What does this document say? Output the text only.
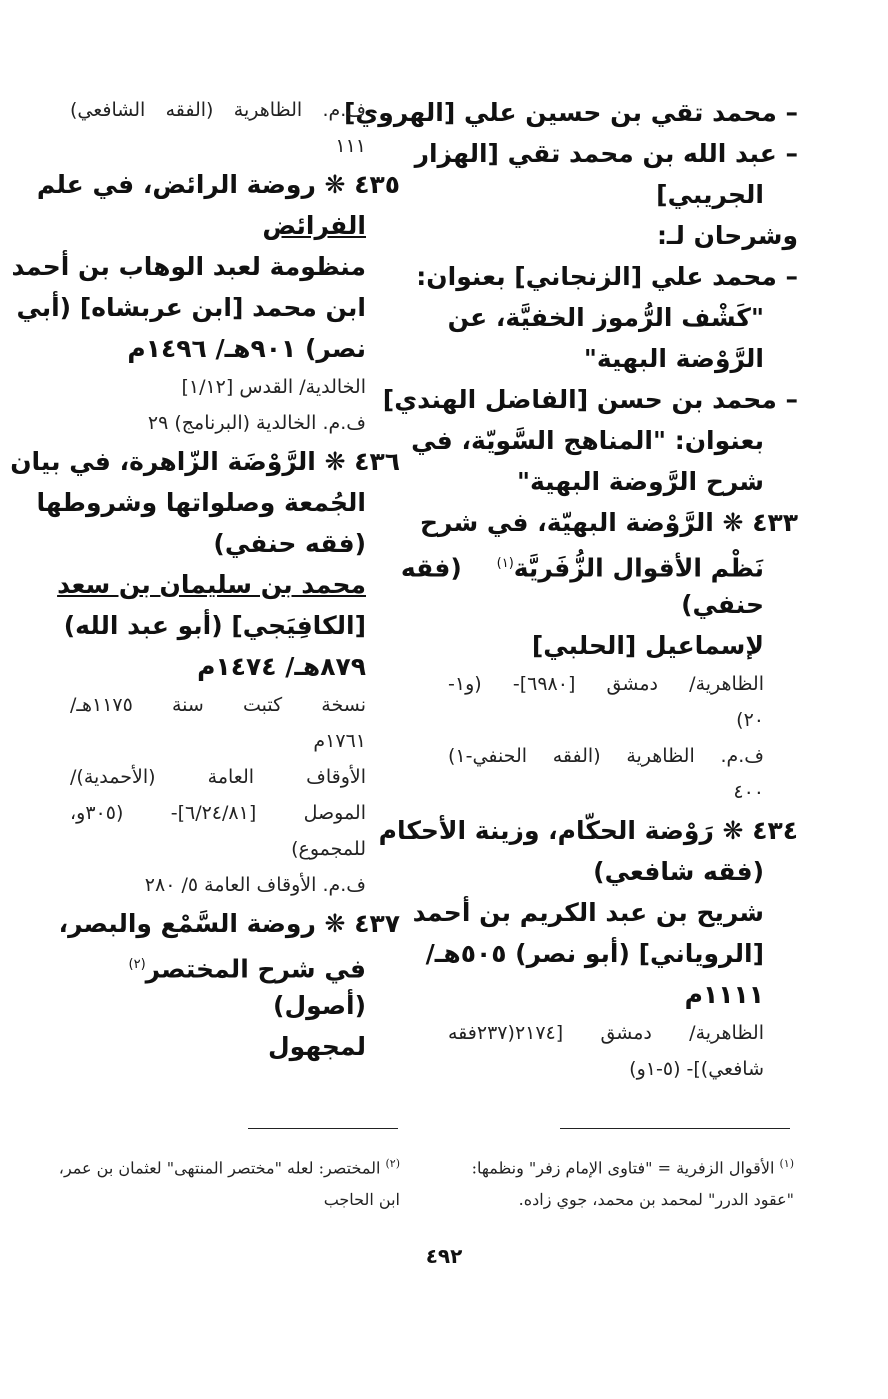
– محمد تقي بن حسين علي [الهروي]
– عبد الله بن محمد تقي [الهزار
الجريبي]
وشرحان لـ:
– محمد علي [الزنجاني] بعنوان:
"كَشْف الرُّموز الخفيَّة، عن
الرَّوْضة البهية"
– محمد بن حسن [الفاضل الهندي]
بعنوان: "المناهج السَّويّة، في
شرح الرَّوضة البهية"
٤٣٣ ❋ الرَّوْضة البهيّة، في شرح
نَظْم الأقوال الزُّفَريَّة$^{(١)}$    (فقه
حنفي)
لإسماعيل [الحلبي]
الظاهرية/ دمشق [٦٩٨٠]- (و١-
٢٠)
ف.م. الظاهرية (الفقه الحنفي-١)
٤٠٠
٤٣٤ ❋ رَوْضة الحكّام، وزينة الأحكام
(فقه شافعي)
شريح بن عبد الكريم بن أحمد
[الروياني] (أبو نصر) ٥٠٥هـ/
١١١١م
الظاهرية/ دمشق [٢١٧٤(٢٣٧فقه
شافعي)]- (٥-١و)
ف.م. الظاهرية (الفقه الشافعي)
١١١
٤٣٥ ❋ روضة الرائض، في علم
الفرائض
منظومة لعبد الوهاب بن أحمد
ابن محمد [ابن عربشاه] (أبي
نصر) ٩٠١هـ/ ١٤٩٦م
الخالدية/ القدس [١/١٢]
ف.م. الخالدية (البرنامج) ٢٩
٤٣٦ ❋ الرَّوْضَة الزّاهرة، في بيان
الجُمعة وصلواتها وشروطها
(فقه حنفي)
محمد بن سليمان بن سعد
[الكافِيَجي] (أبو عبد الله)
٨٧٩هـ/ ١٤٧٤م
نسخة كتبت سنة ١١٧٥هـ/
١٧٦١م
الأوقاف العامة (الأحمدية)/
الموصل [٦/٢٤/٨١]- (٣٠٥و،
للمجموع)
ف.م. الأوقاف العامة ٥/ ٢٨٠
٤٣٧ ❋ روضة السَّمْع والبصر،
في شرح المختصر$^{(٢)}$
(أصول)
لمجهول
$^{(١)}$ الأقوال الزفرية = "فتاوى الإمام زفر" ونظمها:
"عقود الدرر" لمحمد بن محمد، جوي زاده.
$^{(٢)}$ المختصر: لعله "مختصر المنتهى" لعثمان بن عمر،
ابن الحاجب
٤٩٢
